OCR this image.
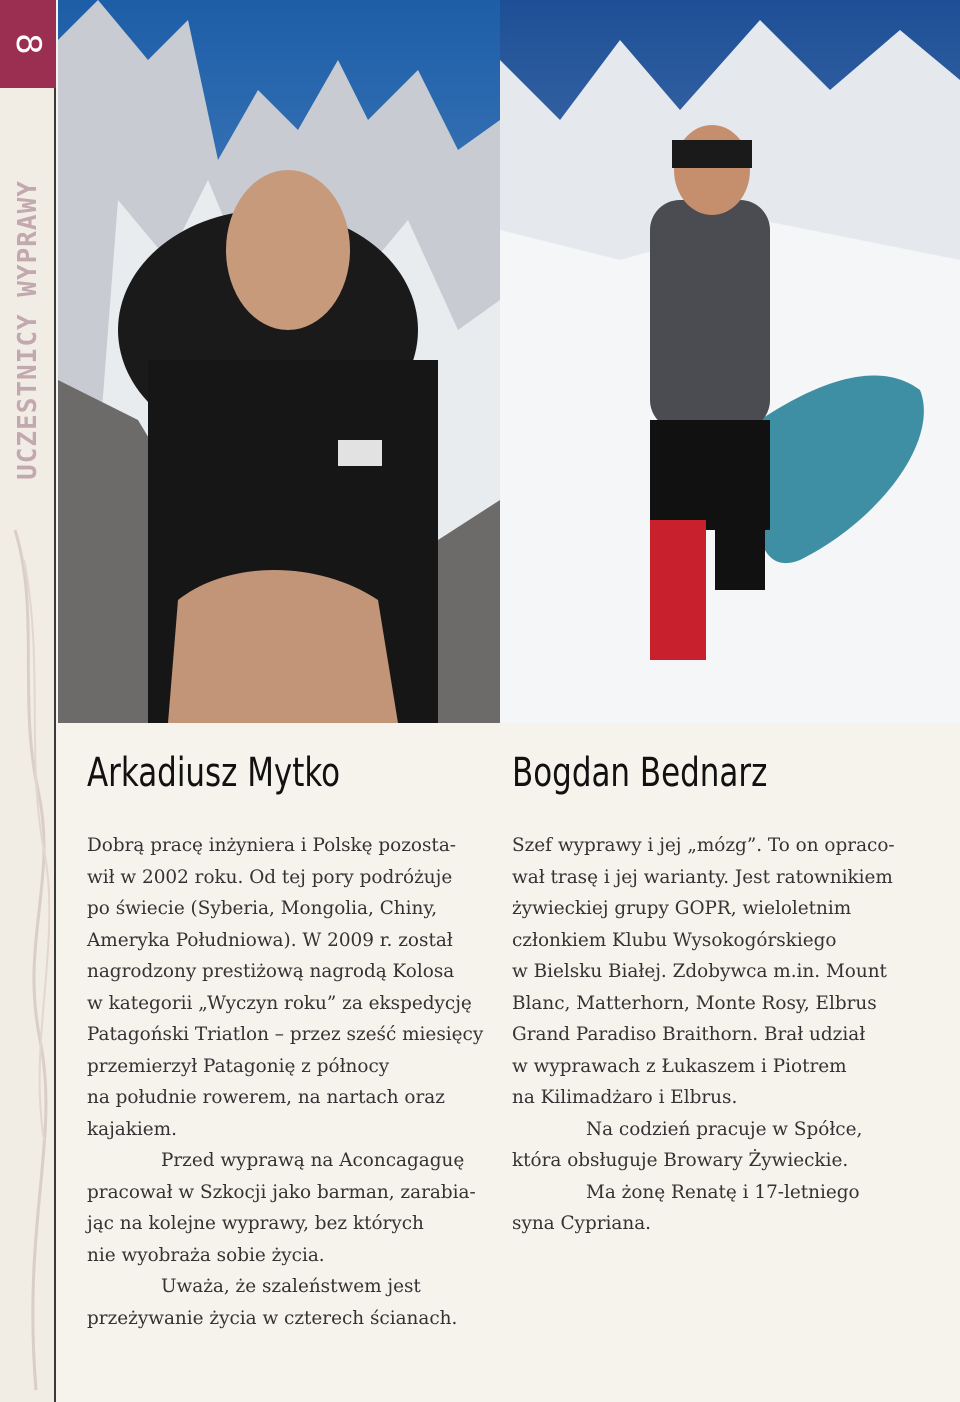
8
UCZESTNICY WYPRAWY
Arkadiusz Mytko	Bogdan Bednarz

Dobrą pracę inżyniera i Polskę pozosta-
wił w 2002 roku. Od tej pory podróżuje
po świecie (Syberia, Mongolia, Chiny,
Ameryka Południowa). W 2009 r. został
nagrodzony prestiżową nagrodą Kolosa
w kategorii „Wyczyn roku” za ekspedycję
Patagoński Triatlon – przez sześć miesięcy
przemierzył Patagonię z północy
na południe rowerem, na nartach oraz
kajakiem.

Przed wyprawą na Aconcagaguę
pracował w Szkocji jako barman, zarabia-
jąc na kolejne wyprawy, bez których
nie wyobraża sobie życia.

Uważa, że szaleństwem jest
przeżywanie życia w czterech ścianach.

Szef wyprawy i jej „mózg”. To on opraco-
wał trasę i jej warianty. Jest ratownikiem
żywieckiej grupy GOPR, wieloletnim
członkiem Klubu Wysokogórskiego
w Bielsku Białej. Zdobywca m.in. Mount
Blanc, Matterhorn, Monte Rosy, Elbrus
Grand Paradiso Braithorn. Brał udział
w wyprawach z Łukaszem i Piotrem
na Kilimadżaro i Elbrus.

Na codzień pracuje w Spółce,
która obsługuje Browary Żywieckie.

Ma żonę Renatę i 17-letniego
syna Cypriana.
